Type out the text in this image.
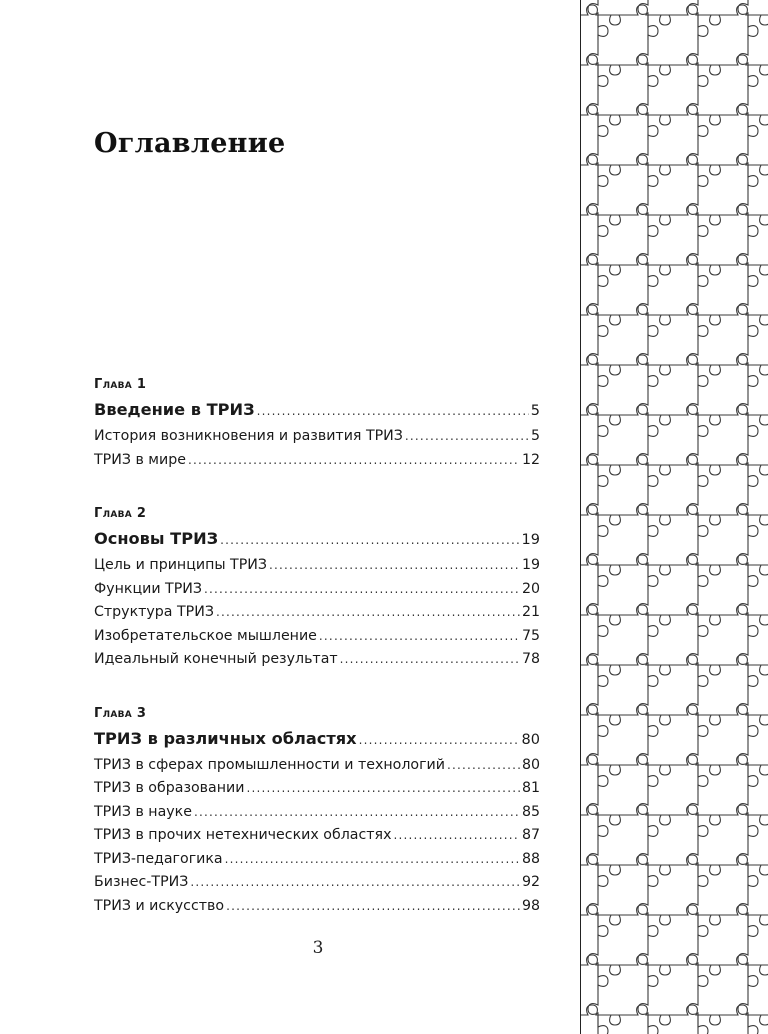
Оглавление
Глава 1
Введение в ТРИЗ .....	5
История возникновения и развития ТРИЗ .....	5
ТРИЗ в мире .....	12
Глава 2
Основы ТРИЗ .....	19
Цель и принципы ТРИЗ .....	19
Функции ТРИЗ .....	20
Структура ТРИЗ .....	21
Изобретательское мышление .....	75
Идеальный конечный результат .....	78
Глава 3
ТРИЗ в различных областях .....	80
ТРИЗ в сферах промышленности и технологий .....	80
ТРИЗ в образовании .....	81
ТРИЗ в науке .....	85
ТРИЗ в прочих нетехнических областях .....	87
ТРИЗ-педагогика .....	88
Бизнес-ТРИЗ .....	92
ТРИЗ и искусство .....	98
3
